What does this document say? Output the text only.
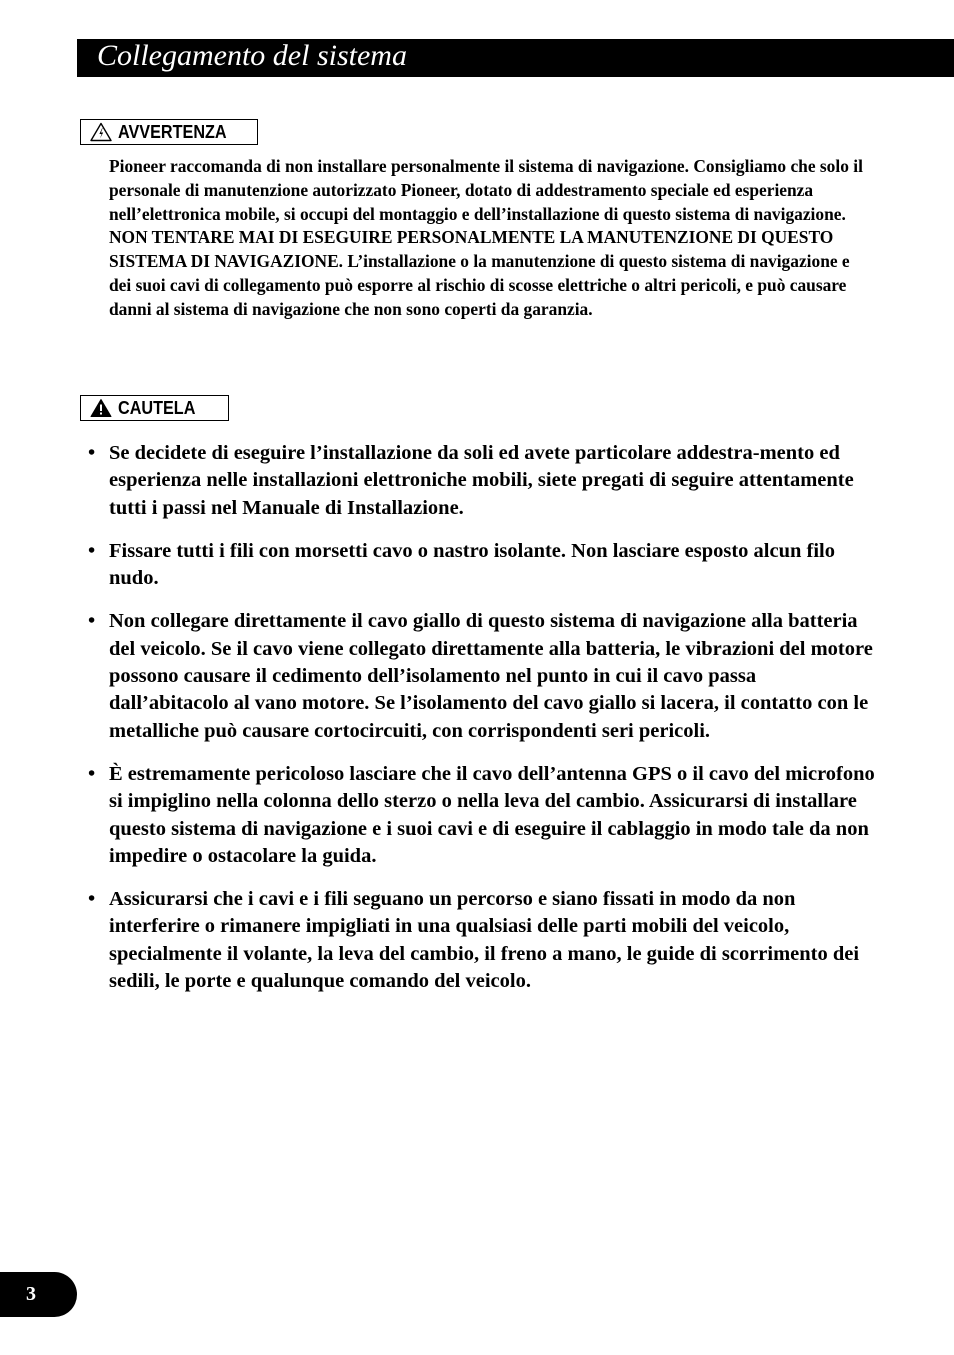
Collegamento del sistema
AVVERTENZA

Pioneer raccomanda di non installare personalmente il sistema di navigazione. Consigliamo che solo il personale di manutenzione autorizzato Pioneer, dotato di addestramento speciale ed esperienza nell’elettronica mobile, si occupi del montaggio e dell’installazione di questo sistema di navigazione.

NON TENTARE MAI DI ESEGUIRE PERSONALMENTE LA MANUTENZIONE DI QUESTO SISTEMA DI NAVIGAZIONE. L’installazione o la manutenzione di questo sistema di navigazione e dei suoi cavi di collegamento può esporre al rischio di scosse elettriche o altri pericoli, e può causare danni al sistema di navigazione che non sono coperti da garanzia.

CAUTELA
• Se decidete di eseguire l’installazione da soli ed avete particolare addestra-mento ed esperienza nelle installazioni elettroniche mobili, siete pregati di seguire attentamente tutti i passi nel Manuale di Installazione.
• Fissare tutti i fili con morsetti cavo o nastro isolante. Non lasciare esposto alcun filo nudo.
• Non collegare direttamente il cavo giallo di questo sistema di navigazione alla batteria del veicolo. Se il cavo viene collegato direttamente alla batteria, le vibrazioni del motore possono causare il cedimento dell’isolamento nel punto in cui il cavo passa dall’abitacolo al vano motore. Se l’isolamento del cavo giallo si lacera, il contatto con le metalliche può causare cortocircuiti, con corrispondenti seri pericoli.
• È estremamente pericoloso lasciare che il cavo dell’antenna GPS o il cavo del microfono si impiglino nella colonna dello sterzo o nella leva del cambio. Assicurarsi di installare questo sistema di navigazione e i suoi cavi e di eseguire il cablaggio in modo tale da non impedire o ostacolare la guida.
• Assicurarsi che i cavi e i fili seguano un percorso e siano fissati in modo da non interferire o rimanere impigliati in una qualsiasi delle parti mobili del veicolo, specialmente il volante, la leva del cambio, il freno a mano, le guide di scorrimento dei sedili, le porte e qualunque comando del veicolo.
3
